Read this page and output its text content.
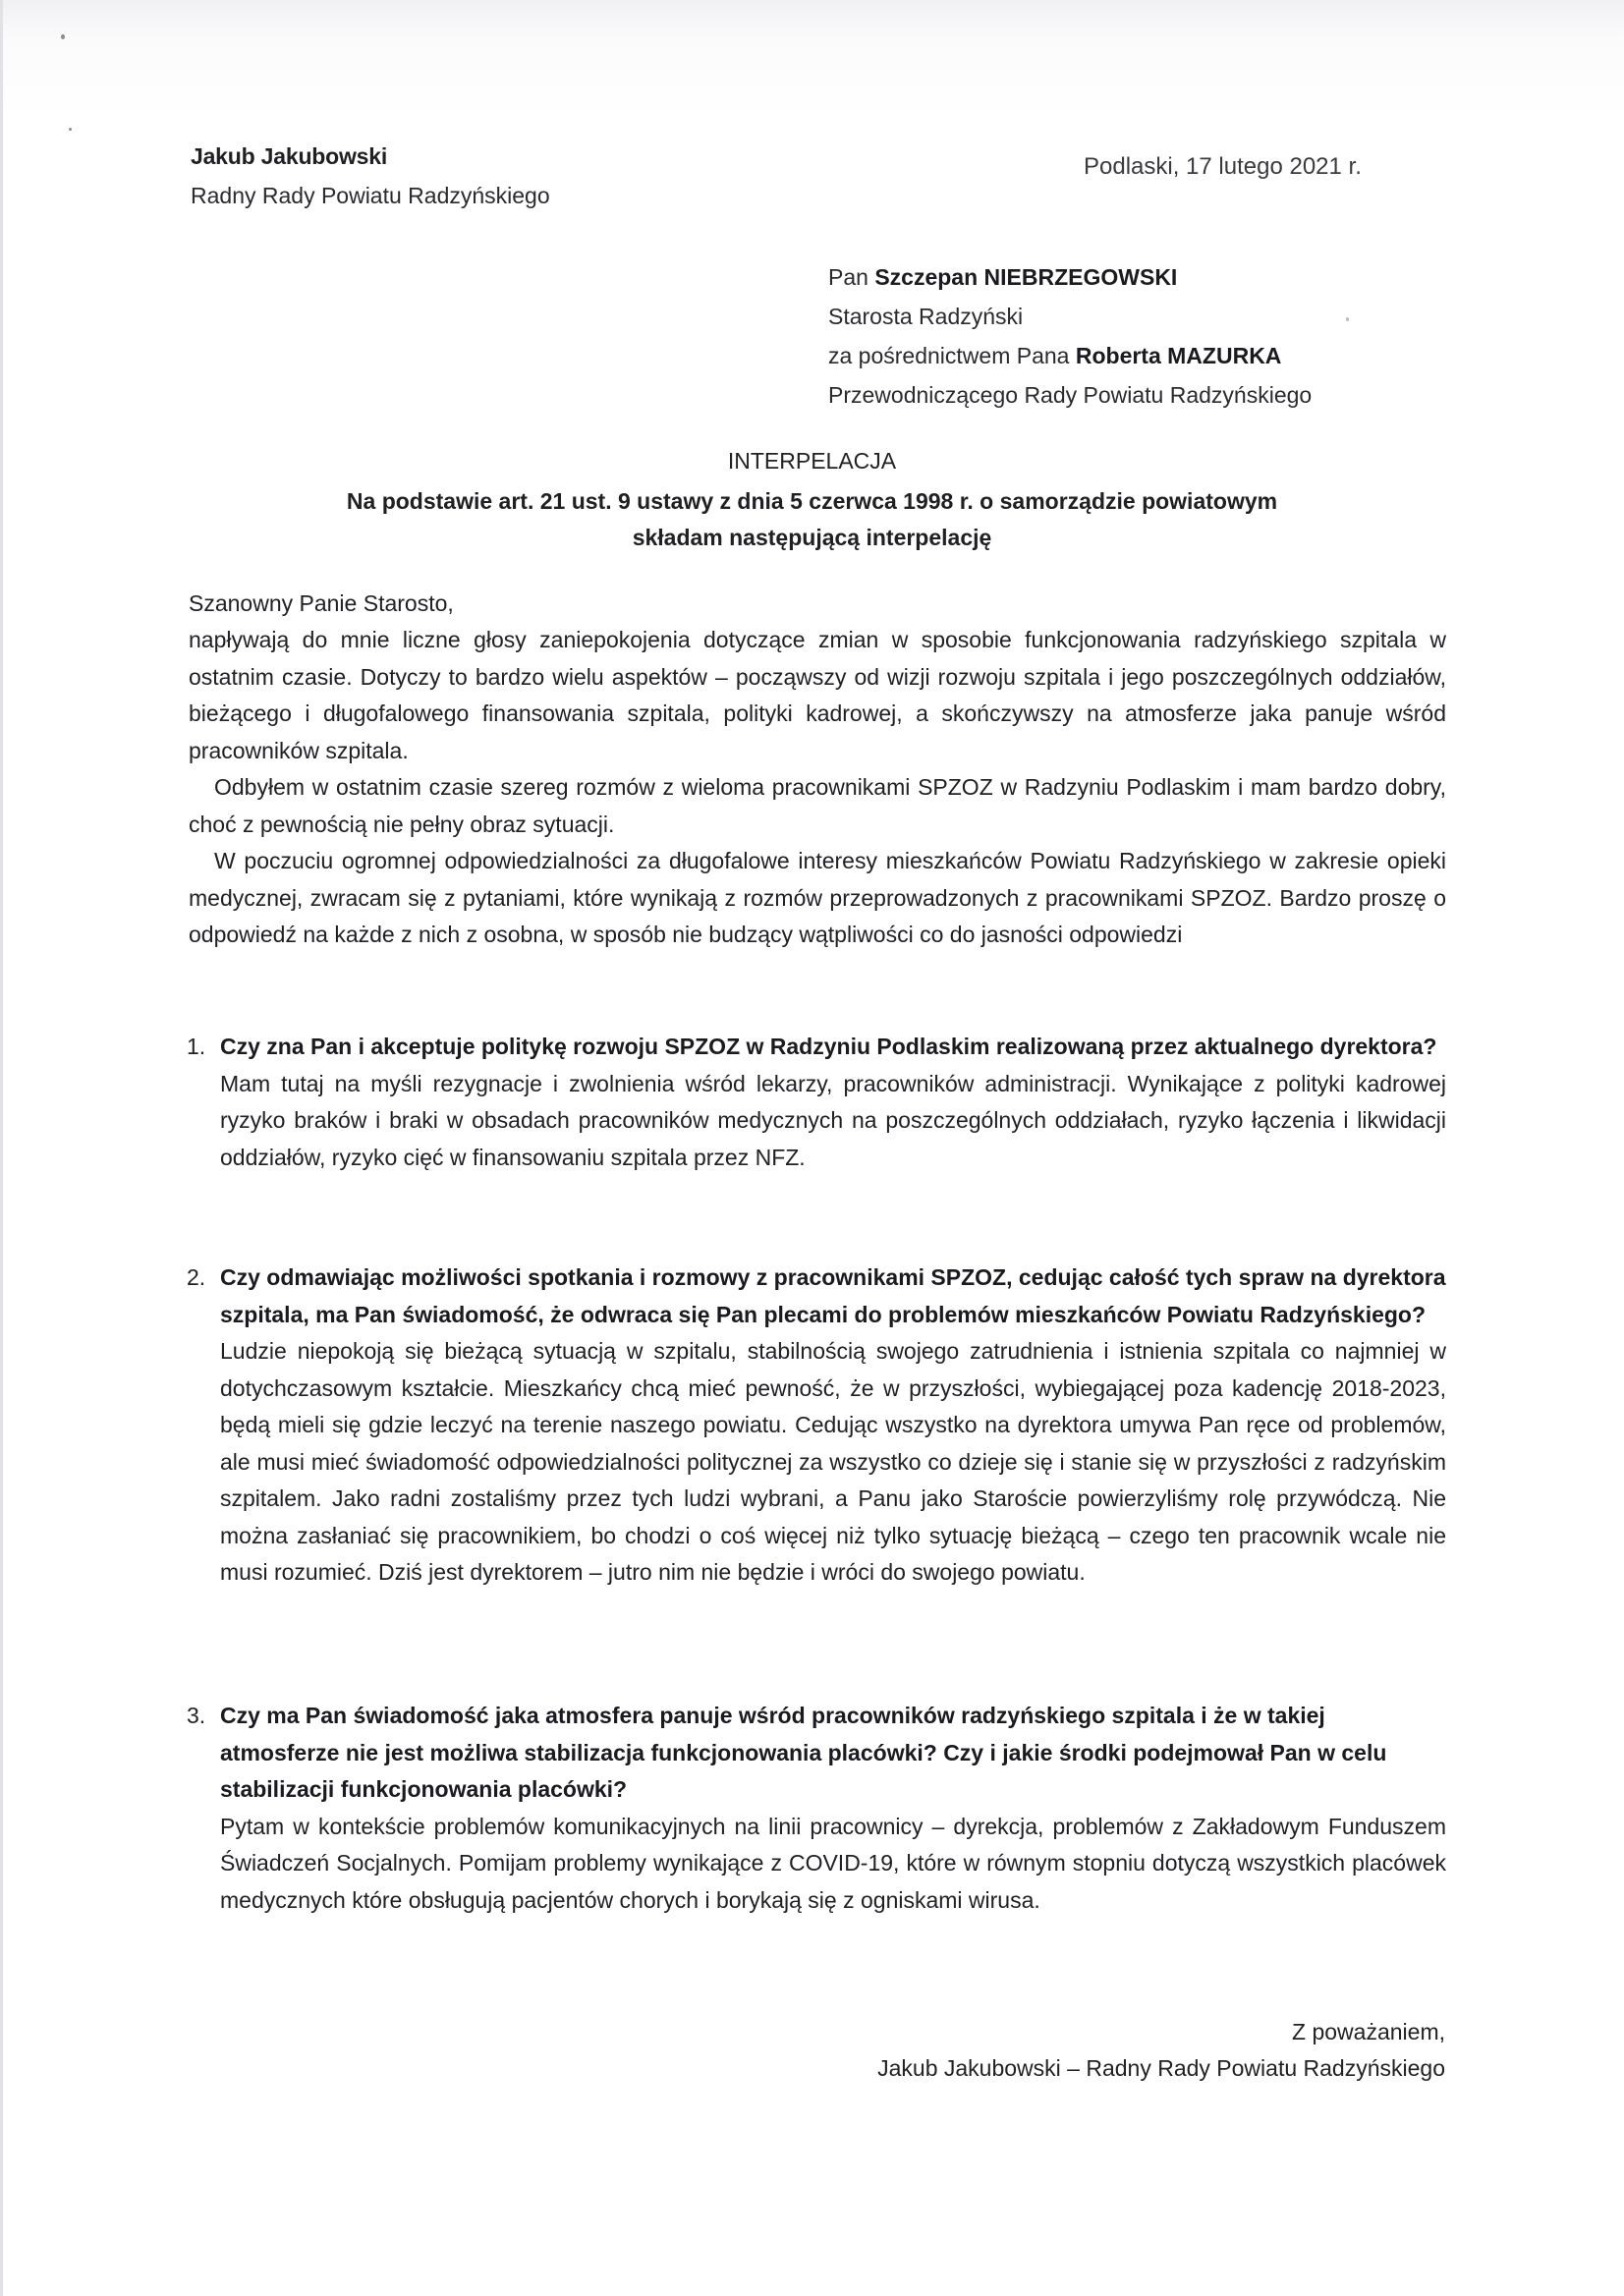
Jakub Jakubowski
Radny Rady Powiatu Radzyńskiego
Podlaski, 17 lutego 2021 r.
Pan Szczepan NIEBRZEGOWSKI
Starosta Radzyński
za pośrednictwem Pana Roberta MAZURKA
Przewodniczącego Rady Powiatu Radzyńskiego
INTERPELACJA
Na podstawie art. 21 ust. 9 ustawy z dnia 5 czerwca 1998 r. o samorządzie powiatowym
składam następującą interpelację
Szanowny Panie Starosto,

napływają do mnie liczne głosy zaniepokojenia dotyczące zmian w sposobie funkcjonowania radzyńskiego szpitala w ostatnim czasie. Dotyczy to bardzo wielu aspektów – począwszy od wizji rozwoju szpitala i jego poszczególnych oddziałów, bieżącego i długofalowego finansowania szpitala, polityki kadrowej, a skończywszy na atmosferze jaka panuje wśród pracowników szpitala.

Odbyłem w ostatnim czasie szereg rozmów z wieloma pracownikami SPZOZ w Radzyniu Podlaskim i mam bardzo dobry, choć z pewnością nie pełny obraz sytuacji.

W poczuciu ogromnej odpowiedzialności za długofalowe interesy mieszkańców Powiatu Radzyńskiego w zakresie opieki medycznej, zwracam się z pytaniami, które wynikają z rozmów przeprowadzonych z pracownikami SPZOZ. Bardzo proszę o odpowiedź na każde z nich z osobna, w sposób nie budzący wątpliwości co do jasności odpowiedzi

1. Czy zna Pan i akceptuje politykę rozwoju SPZOZ w Radzyniu Podlaskim realizowaną przez aktualnego dyrektora?
Mam tutaj na myśli rezygnacje i zwolnienia wśród lekarzy, pracowników administracji. Wynikające z polityki kadrowej ryzyko braków i braki w obsadach pracowników medycznych na poszczególnych oddziałach, ryzyko łączenia i likwidacji oddziałów, ryzyko cięć w finansowaniu szpitala przez NFZ.
2. Czy odmawiając możliwości spotkania i rozmowy z pracownikami SPZOZ, cedując całość tych spraw na dyrektora szpitala, ma Pan świadomość, że odwraca się Pan plecami do problemów mieszkańców Powiatu Radzyńskiego?
Ludzie niepokoją się bieżącą sytuacją w szpitalu, stabilnością swojego zatrudnienia i istnienia szpitala co najmniej w dotychczasowym kształcie. Mieszkańcy chcą mieć pewność, że w przyszłości, wybiegającej poza kadencję 2018-2023, będą mieli się gdzie leczyć na terenie naszego powiatu. Cedując wszystko na dyrektora umywa Pan ręce od problemów, ale musi mieć świadomość odpowiedzialności politycznej za wszystko co dzieje się i stanie się w przyszłości z radzyńskim szpitalem. Jako radni zostaliśmy przez tych ludzi wybrani, a Panu jako Staroście powierzyliśmy rolę przywódczą. Nie można zasłaniać się pracownikiem, bo chodzi o coś więcej niż tylko sytuację bieżącą – czego ten pracownik wcale nie musi rozumieć. Dziś jest dyrektorem – jutro nim nie będzie i wróci do swojego powiatu.
3. Czy ma Pan świadomość jaka atmosfera panuje wśród pracowników radzyńskiego szpitala i że w takiej atmosferze nie jest możliwa stabilizacja funkcjonowania placówki? Czy i jakie środki podejmował Pan w celu stabilizacji funkcjonowania placówki?
Pytam w kontekście problemów komunikacyjnych na linii pracownicy – dyrekcja, problemów z Zakładowym Funduszem Świadczeń Socjalnych. Pomijam problemy wynikające z COVID-19, które w równym stopniu dotyczą wszystkich placówek medycznych które obsługują pacjentów chorych i borykają się z ogniskami wirusa.
Z poważaniem,
Jakub Jakubowski – Radny Rady Powiatu Radzyńskiego
